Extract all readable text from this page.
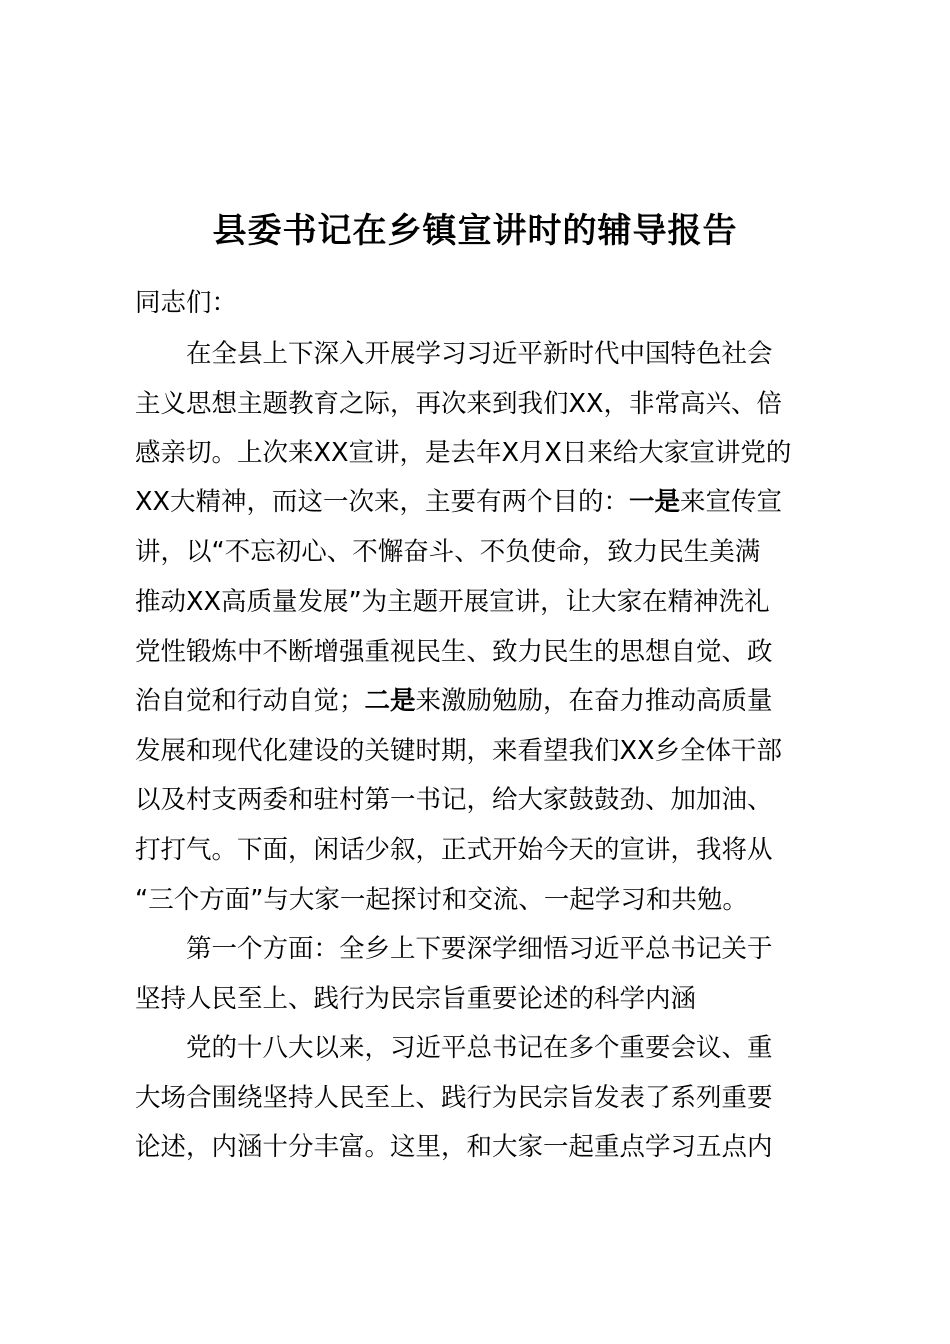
县委书记在乡镇宣讲时的辅导报告
同志们：
在全县上下深入开展学习习近平新时代中国特色社会
主义思想主题教育之际，再次来到我们XX，非常高兴、倍
感亲切。上次来XX宣讲，是去年X月X日来给大家宣讲党的
XX大精神，而这一次来，主要有两个目的：一是来宣传宣
讲，以“不忘初心、不懈奋斗、不负使命，致力民生美满
推动XX高质量发展”为主题开展宣讲，让大家在精神洗礼
党性锻炼中不断增强重视民生、致力民生的思想自觉、政
治自觉和行动自觉；二是来激励勉励，在奋力推动高质量
发展和现代化建设的关键时期，来看望我们XX乡全体干部
以及村支两委和驻村第一书记，给大家鼓鼓劲、加加油、
打打气。下面，闲话少叙，正式开始今天的宣讲，我将从
“三个方面”与大家一起探讨和交流、一起学习和共勉。
第一个方面：全乡上下要深学细悟习近平总书记关于
坚持人民至上、践行为民宗旨重要论述的科学内涵
党的十八大以来，习近平总书记在多个重要会议、重
大场合围绕坚持人民至上、践行为民宗旨发表了系列重要
论述，内涵十分丰富。这里，和大家一起重点学习五点内
